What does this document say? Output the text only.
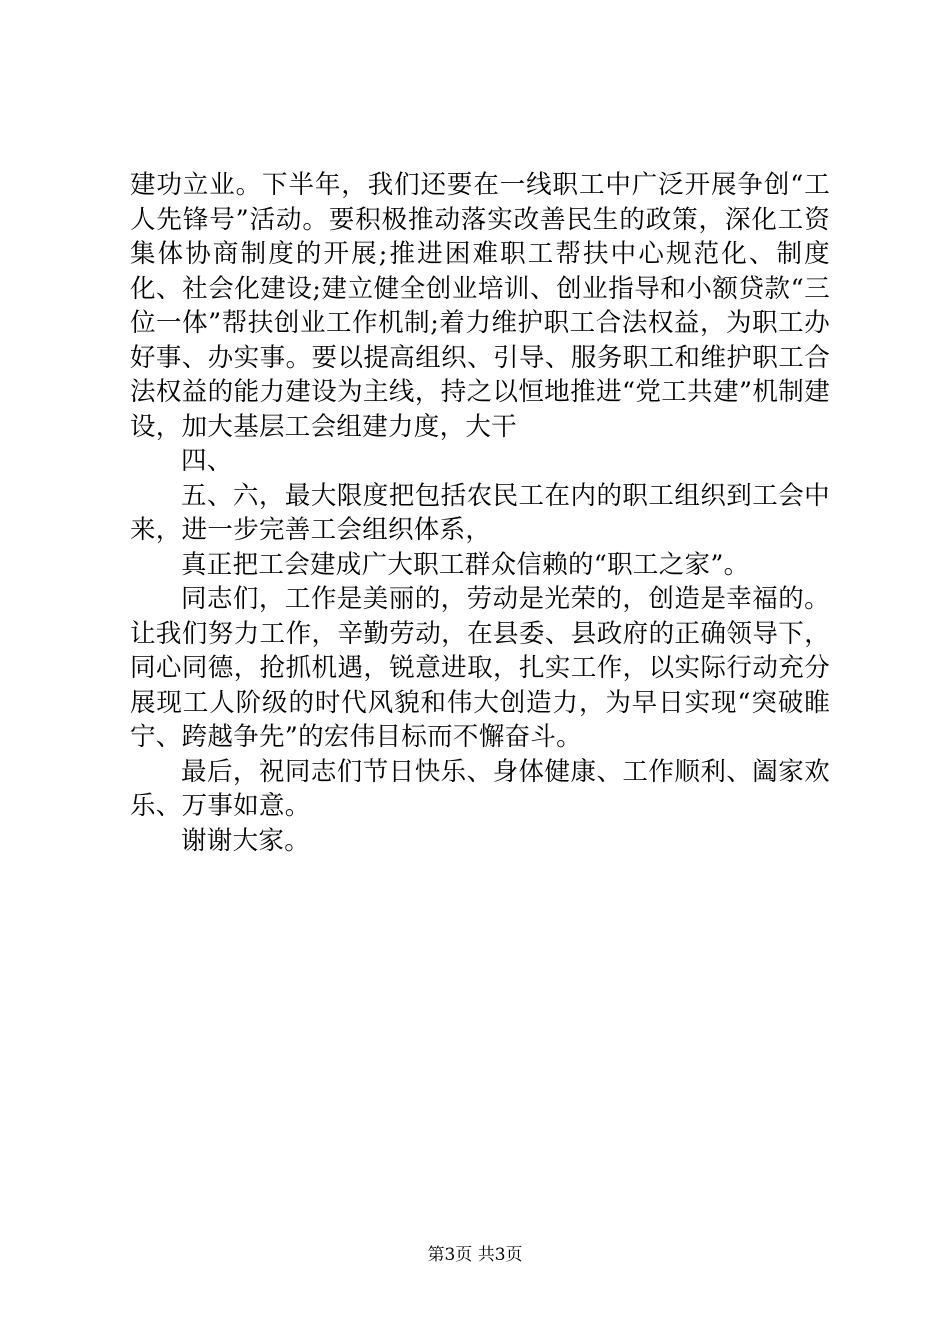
建功立业。下半年，我们还要在一线职工中广泛开展争创“工人先锋号”活动。要积极推动落实改善民生的政策，深化工资集体协商制度的开展;推进困难职工帮扶中心规范化、制度化、社会化建设;建立健全创业培训、创业指导和小额贷款“三位一体”帮扶创业工作机制;着力维护职工合法权益，为职工办好事、办实事。要以提高组织、引导、服务职工和维护职工合法权益的能力建设为主线，持之以恒地推进“党工共建”机制建设，加大基层工会组建力度，大干

四、

五、六，最大限度把包括农民工在内的职工组织到工会中来，进一步完善工会组织体系，

真正把工会建成广大职工群众信赖的“职工之家”。

同志们，工作是美丽的，劳动是光荣的，创造是幸福的。让我们努力工作，辛勤劳动，在县委、县政府的正确领导下，同心同德，抢抓机遇，锐意进取，扎实工作，以实际行动充分展现工人阶级的时代风貌和伟大创造力，为早日实现“突破睢宁、跨越争先”的宏伟目标而不懈奋斗。

最后，祝同志们节日快乐、身体健康、工作顺利、阖家欢乐、万事如意。

谢谢大家。

第3页 共3页
